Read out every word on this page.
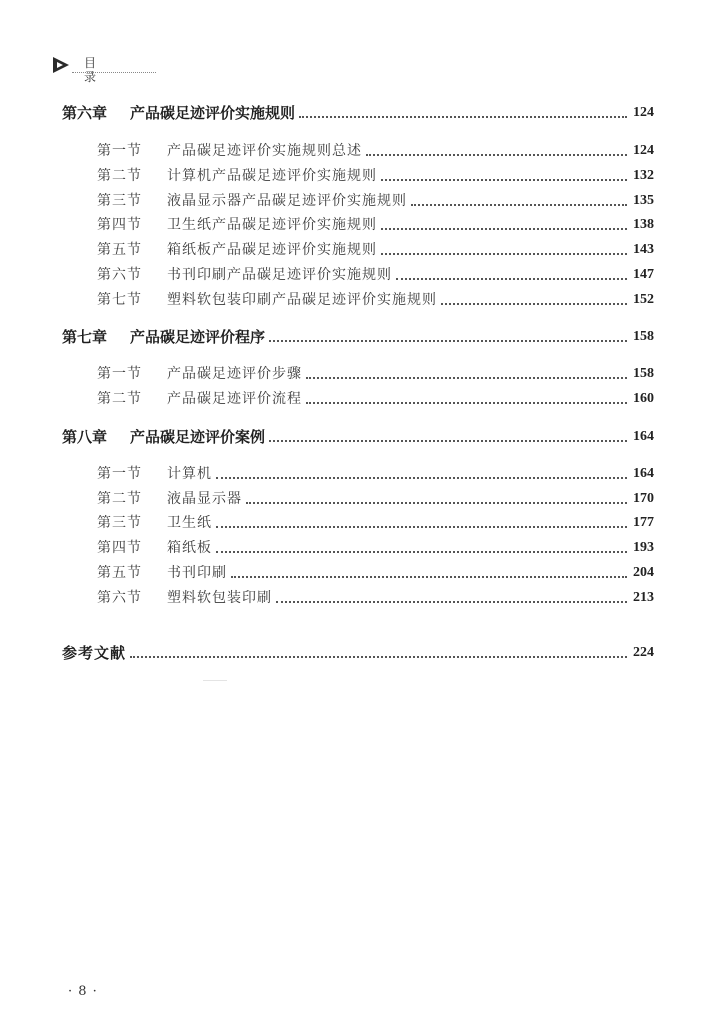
目 录
第六章	产品碳足迹评价实施规则	124
第一节	产品碳足迹评价实施规则总述	124
第二节	计算机产品碳足迹评价实施规则	132
第三节	液晶显示器产品碳足迹评价实施规则	135
第四节	卫生纸产品碳足迹评价实施规则	138
第五节	箱纸板产品碳足迹评价实施规则	143
第六节	书刊印刷产品碳足迹评价实施规则	147
第七节	塑料软包装印刷产品碳足迹评价实施规则	152
第七章	产品碳足迹评价程序	158
第一节	产品碳足迹评价步骤	158
第二节	产品碳足迹评价流程	160
第八章	产品碳足迹评价案例	164
第一节	计算机	164
第二节	液晶显示器	170
第三节	卫生纸	177
第四节	箱纸板	193
第五节	书刊印刷	204
第六节	塑料软包装印刷	213
参考文献	224
· 8 ·
